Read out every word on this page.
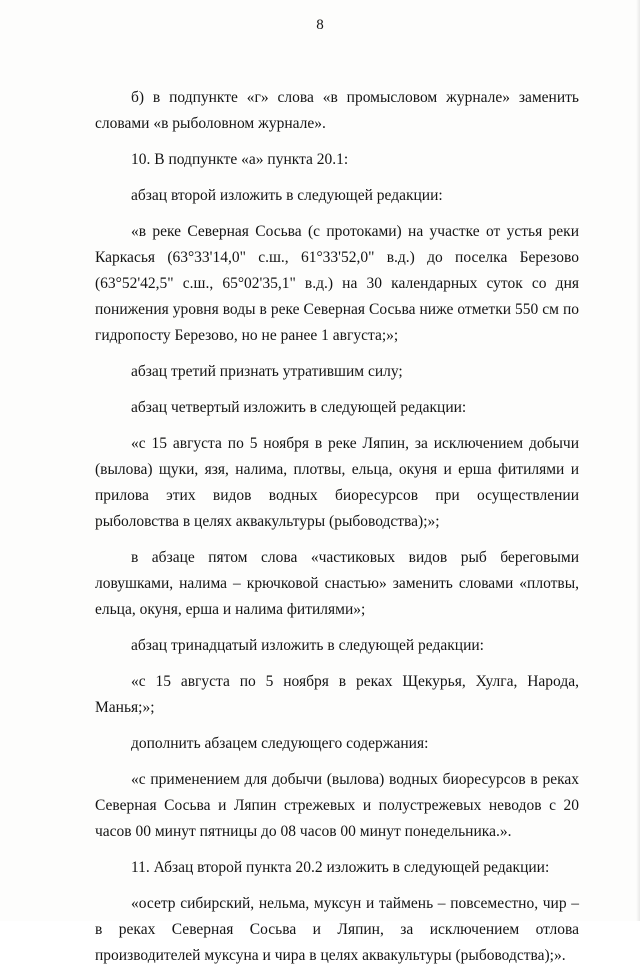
8

б) в подпункте «г» слова «в промысловом журнале» заменить словами «в рыболовном журнале».

10. В подпункте «а» пункта 20.1:

абзац второй изложить в следующей редакции:

«в реке Северная Сосьва (с протоками) на участке от устья реки Каркасья (63°33'14,0" с.ш., 61°33'52,0" в.д.) до поселка Березово (63°52'42,5" с.ш., 65°02'35,1" в.д.) на 30 календарных суток со дня понижения уровня воды в реке Северная Сосьва ниже отметки 550 см по гидропосту Березово, но не ранее 1 августа;»;

абзац третий признать утратившим силу;

абзац четвертый изложить в следующей редакции:

«с 15 августа по 5 ноября в реке Ляпин, за исключением добычи (вылова) щуки, язя, налима, плотвы, ельца, окуня и ерша фитилями и прилова этих видов водных биоресурсов при осуществлении рыболовства в целях аквакультуры (рыбоводства);»;

в абзаце пятом слова «частиковых видов рыб береговыми ловушками, налима – крючковой снастью» заменить словами «плотвы, ельца, окуня, ерша и налима фитилями»;

абзац тринадцатый изложить в следующей редакции:

«с 15 августа по 5 ноября в реках Щекурья, Хулга, Народа, Манья;»;

дополнить абзацем следующего содержания:

«с применением для добычи (вылова) водных биоресурсов в реках Северная Сосьва и Ляпин стрежевых и полустрежевых неводов с 20 часов 00 минут пятницы до 08 часов 00 минут понедельника.».

11. Абзац второй пункта 20.2 изложить в следующей редакции:

«осетр сибирский, нельма, муксун и таймень – повсеместно, чир – в реках Северная Сосьва и Ляпин, за исключением отлова производителей муксуна и чира в целях аквакультуры (рыбоводства);».
